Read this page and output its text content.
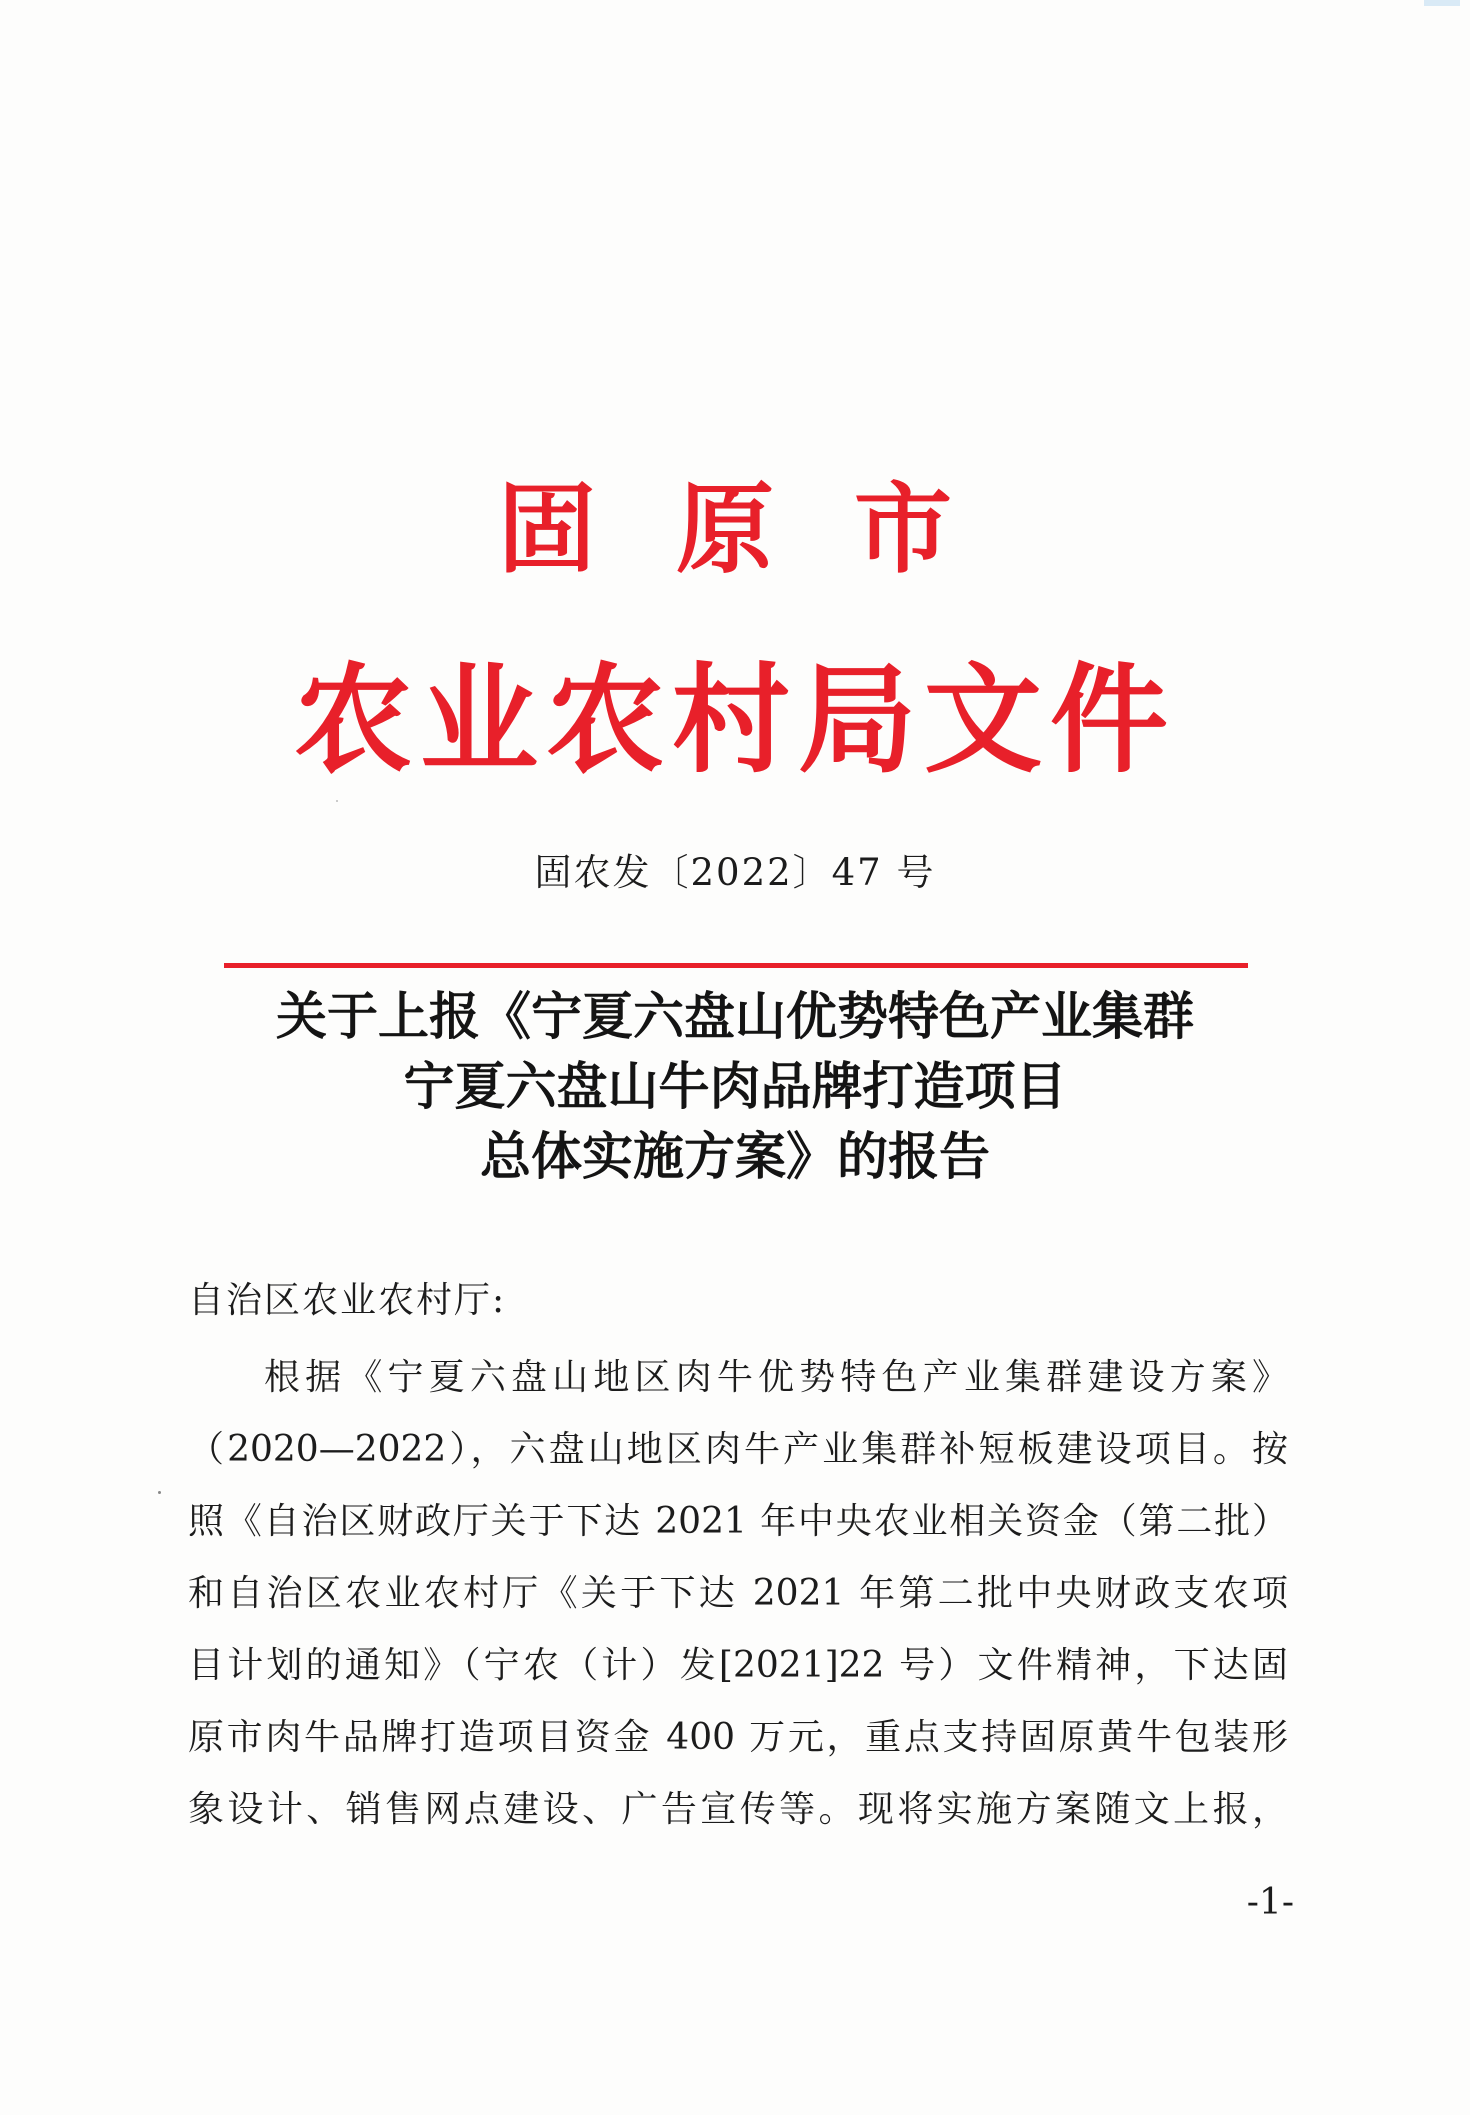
固原市
农业农村局文件
固农发〔2022〕47 号
关于上报《宁夏六盘山优势特色产业集群
宁夏六盘山牛肉品牌打造项目
总体实施方案》的报告
自治区农业农村厅:
根据《宁夏六盘山地区肉牛优势特色产业集群建设方案》
（2020—2022），六盘山地区肉牛产业集群补短板建设项目。按
照《自治区财政厅关于下达 2021 年中央农业相关资金（第二批）
和自治区农业农村厅《关于下达 2021 年第二批中央财政支农项
目计划的通知》（宁农（计）发[2021]22 号）文件精神，下达固
原市肉牛品牌打造项目资金 400 万元，重点支持固原黄牛包装形
象设计、销售网点建设、广告宣传等。现将实施方案随文上报，
-1-
